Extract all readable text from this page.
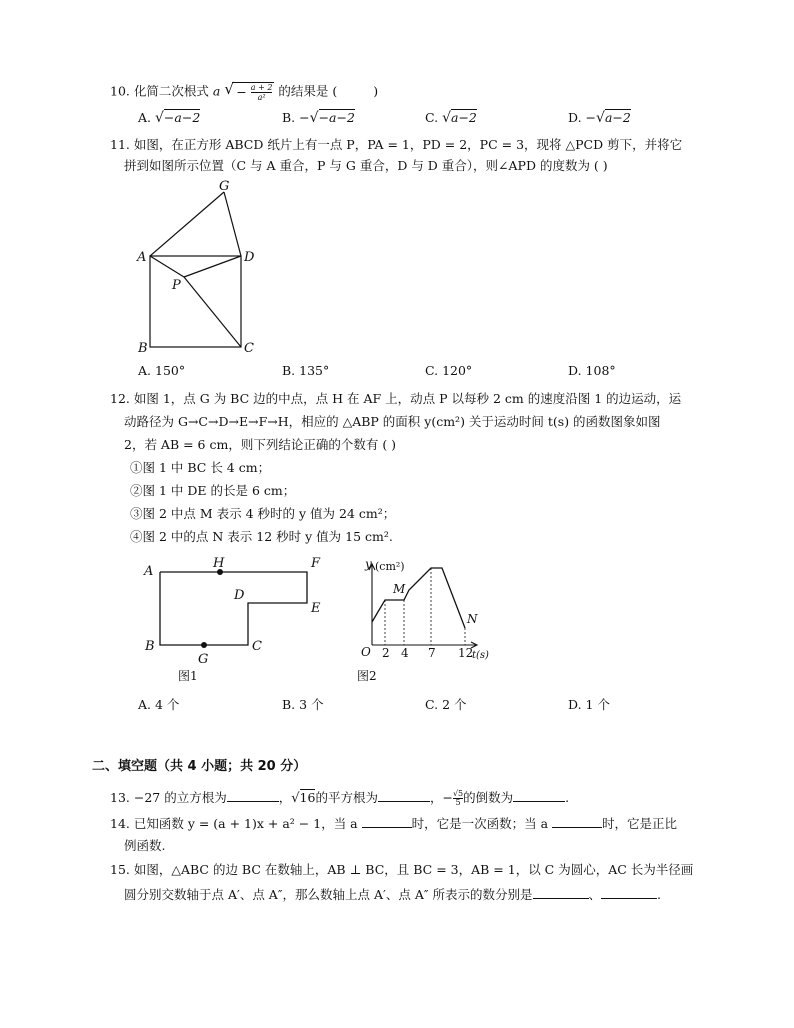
10. 化简二次根式 a √ − $\frac{a + 2}{\text{a²}}$ 的结果是 (	)
A. √−a−2	B. −√−a−2	C. √a−2	D. −√a−2
11. 如图，在正方形 ABCD 纸片上有一点 P，PA = 1，PD = 2，PC = 3，现将 △PCD 剪下，并将它
拼到如图所示位置（C 与 A 重合，P 与 G 重合，D 与 D 重合），则∠APD 的度数为 ( )
G
A	D
P
B	C
A. 150°	B. 135°	C. 120°	D. 108°
12. 如图 1，点 G 为 BC 边的中点，点 H 在 AF 上，动点 P 以每秒 2 cm 的速度沿图 1 的边运动，运
动路径为 G→C→D→E→F→H，相应的 △ABP 的面积 y(cm²) 关于运动时间 t(s) 的函数图象如图
2，若 AB = 6 cm，则下列结论正确的个数有 ( )
①图 1 中 BC 长 4 cm；
②图 1 中 DE 的长是 6 cm；
③图 2 中点 M 表示 4 秒时的 y 值为 24 cm²；
④图 2 中的点 N 表示 12 秒时 y 值为 15 cm².
A
H	F
D
E
B
G
C
图1
y (cm²)
M
N
O 2 4 7 12
t(s)
图2
A. 4 个	B. 3 个	C. 2 个	D. 1 个
二、填空题（共 4 小题；共 20 分）
13. −27 的立方根为	，√16的平方根为	，− $\frac{√5}{5}$ 的倒数为	.
14. 已知函数 y = (a + 1)x + a² − 1，当 a	时，它是一次函数；当 a	时，它是正比
例函数.
15. 如图，△ABC 的边 BC 在数轴上，AB ⊥ BC，且 BC = 3，AB = 1，以 C 为圆心，AC 长为半径画
圆分别交数轴于点 A′、点 A″，那么数轴上点 A′、点 A″ 所表示的数分别是	、	.
